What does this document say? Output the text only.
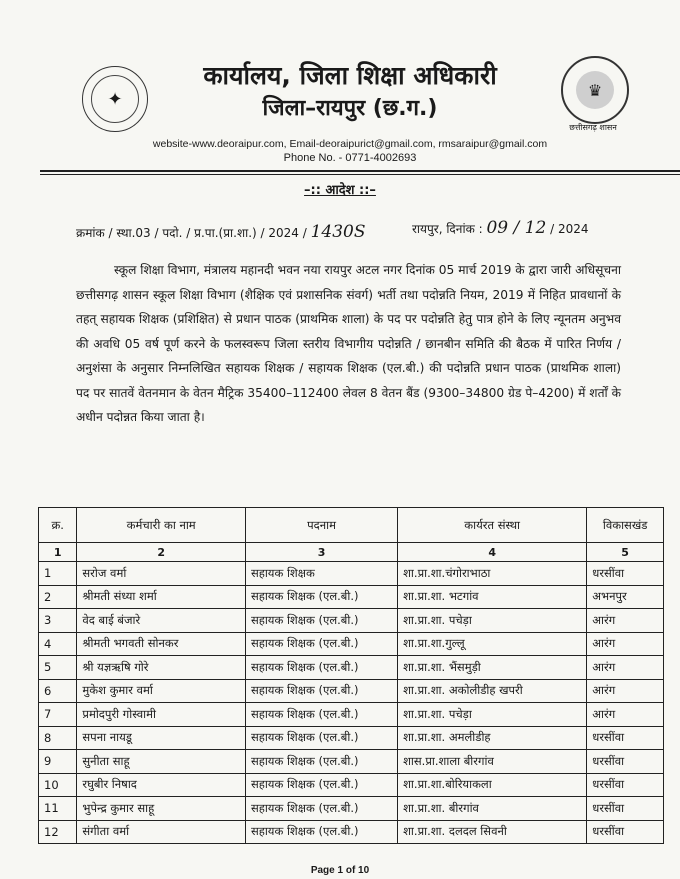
✦	♛
छत्तीसगढ़ शासन
कार्यालय, जिला शिक्षा अधिकारी
जिला–रायपुर (छ.ग.)
website-www.deoraipur.com, Email-deoraipurict@gmail.com, rmsaraipur@gmail.com
Phone No. - 0771-4002693
–:: आदेश ::–
क्रमांक / स्था.03 / पदो. / प्र.पा.(प्रा.शा.) / 2024 / 1430S	रायपुर, दिनांक : 09 / 12 / 2024
स्कूल शिक्षा विभाग, मंत्रालय महानदी भवन नया रायपुर अटल नगर दिनांक 05 मार्च 2019 के द्वारा जारी अधिसूचना छत्तीसगढ़ शासन स्कूल शिक्षा विभाग (शैक्षिक एवं प्रशासनिक संवर्ग) भर्ती तथा पदोन्नति नियम, 2019 में निहित प्रावधानों के तहत् सहायक शिक्षक (प्रशिक्षित) से प्रधान पाठक (प्राथमिक शाला) के पद पर पदोन्नति हेतु पात्र होने के लिए न्यूनतम अनुभव की अवधि 05 वर्ष पूर्ण करने के फलस्वरूप जिला स्तरीय विभागीय पदोन्नति / छानबीन समिति की बैठक में पारित निर्णय / अनुशंसा के अनुसार निम्नलिखित सहायक शिक्षक / सहायक शिक्षक (एल.बी.) की पदोन्नति प्रधान पाठक (प्राथमिक शाला) पद पर सातवें वेतनमान के वेतन मैट्रिक 35400–112400 लेवल 8 वेतन बैंड (9300–34800 ग्रेड पे–4200) में शर्तों के अधीन पदोन्नत किया जाता है।
क्र.	कर्मचारी का नाम	पदनाम	कार्यरत संस्था	विकासखंड
1	2	3	4	5
1	सरोज वर्मा	सहायक शिक्षक	शा.प्रा.शा.चंगोराभाठा	धरसींवा
2	श्रीमती संध्या शर्मा	सहायक शिक्षक (एल.बी.)	शा.प्रा.शा. भटगांव	अभनपुर
3	वेद बाई बंजारे	सहायक शिक्षक (एल.बी.)	शा.प्रा.शा. पचेड़ा	आरंग
4	श्रीमती भगवती सोनकर	सहायक शिक्षक (एल.बी.)	शा.प्रा.शा.गुल्लू	आरंग
5	श्री यज्ञऋषि गोरे	सहायक शिक्षक (एल.बी.)	शा.प्रा.शा. भैंसमुड़ी	आरंग
6	मुकेश कुमार वर्मा	सहायक शिक्षक (एल.बी.)	शा.प्रा.शा. अकोलीडीह खपरी	आरंग
7	प्रमोदपुरी गोस्वामी	सहायक शिक्षक (एल.बी.)	शा.प्रा.शा. पचेड़ा	आरंग
8	सपना नायडू	सहायक शिक्षक (एल.बी.)	शा.प्रा.शा. अमलीडीह	धरसींवा
9	सुनीता साहू	सहायक शिक्षक (एल.बी.)	शास.प्रा.शाला बीरगांव	धरसींवा
10	रघुबीर निषाद	सहायक शिक्षक (एल.बी.)	शा.प्रा.शा.बोरियाकला	धरसींवा
11	भुपेन्द्र कुमार साहू	सहायक शिक्षक (एल.बी.)	शा.प्रा.शा. बीरगांव	धरसींवा
12	संगीता वर्मा	सहायक शिक्षक (एल.बी.)	शा.प्रा.शा. दलदल सिवनी	धरसींवा
Page 1 of 10
